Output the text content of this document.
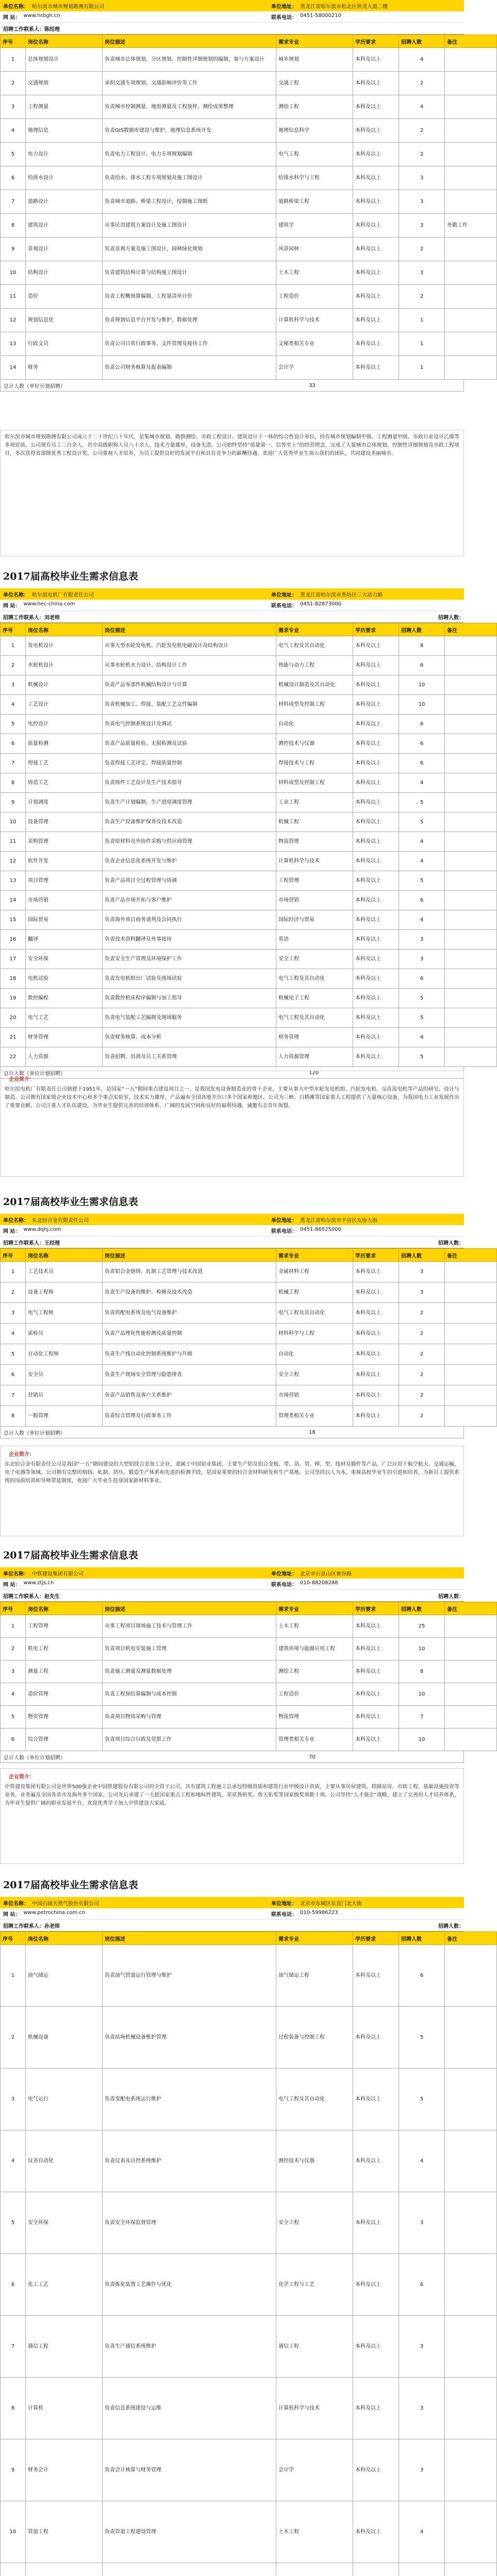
单位名称： 哈尔滨市城市规划勘测有限公司	单位地址： 黑龙江省哈尔滨市松北区世茂大道二楼
网 站： www.hrbgh.cn	联系电话： 0451-58000210
招聘工作联系人： 陈经理
序号	岗位名称	岗位描述	需求专业	学历要求	招聘人数	备注
1	总体规划设计	负责城市总体规划、分区规划、控制性详细规划的编制，参与方案设计	城乡规划	本科及以上	4	
2	交通规划	承担交通专项规划、交通影响评价等工作	交通工程	本科及以上	2	
3	工程测量	负责城市控制测量、地形测量及工程放样，测绘成果整理	测绘工程	本科及以上	4	
4	地理信息	负责GIS数据库建设与维护，地理信息系统开发	地理信息科学	本科及以上	2	
5	电力设计	负责电力工程设计、电力专项规划编制	电气工程	本科及以上	2	
6	给排水设计	负责给水、排水工程专项规划及施工图设计	给排水科学与工程	本科及以上	3	
7	道路设计	负责城市道路、桥梁工程设计，绘制施工图纸	道路桥梁工程	本科及以上	3	
8	建筑设计	从事民用建筑方案设计及施工图设计	建筑学	本科及以上	3	外勤工作
9	景观设计	负责景观方案及施工图设计，园林绿化规划	风景园林	本科及以上	2	
10	结构设计	负责建筑结构计算与结构施工图设计	土木工程	本科及以上	3	
11	造价	负责工程概预算编制、工程量清单计价	工程造价	本科及以上	2	
12	规划信息化	负责规划信息平台开发与维护，数据处理	计算机科学与技术	本科及以上	1	
13	行政文员	负责公司日常行政事务、文件管理及接待工作	文秘类相关专业	本科及以上	1	
14	财务	负责公司财务核算及报表编制	会计学	本科及以上	1	
总计人数（单位计划招聘）	33
哈尔滨市城市规划勘测有限公司成立于二十世纪八十年代，是集城市规划、勘察测绘、市政工程设计、建筑设计于一体的综合性设计单位，持有城乡规划编制甲级、工程测量甲级、市政行业设计乙级等多项资质。公司现有员工三百余人，其中高级职称人员八十余人，技术力量雄厚，设备先进。公司始终坚持“质量第一、信誉至上”的经营理念，完成了大量城市总体规划、控制性详细规划及市政工程项目，多次获得省部级优秀工程设计奖。公司重视人才培养，为员工提供良好的发展平台和具有竞争力的薪酬待遇，欢迎广大优秀毕业生加入我们的团队，共同建设美丽城市。
2017届高校毕业生需求信息表
单位名称： 哈尔滨电机厂有限责任公司	单位地址： 黑龙江省哈尔滨市香坊区三大动力路
网 站： www.hec-china.com	联系电话： 0451-82873000
招聘工作联系人： 刘老师	招聘人数：
序号	岗位名称	岗位描述	需求专业	学历要求	招聘人数	备注
1	发电机设计	从事大型水轮发电机、汽轮发电机电磁设计及结构设计	电气工程及其自动化	本科及以上	8	
2	水轮机设计	从事水轮机水力设计、结构设计工作	热能与动力工程	本科及以上	6	
3	机械设计	负责产品零部件机械结构设计与计算	机械设计制造及其自动化	本科及以上	10	
4	工艺设计	负责机械加工、焊接、装配工艺文件编制	材料成型及控制工程	本科及以上	10	
5	电控设计	负责电气控制系统设计及调试	自动化	本科及以上	6	
6	质量检测	负责产品质量检验、无损检测及试验	测控技术与仪器	本科及以上	6	
7	焊接工艺	负责焊接工艺评定、焊接质量控制	焊接技术与工程	本科及以上	6	
8	铸造工艺	负责铸件工艺设计及生产技术指导	材料成型及控制工程	本科及以上	4	
9	计划调度	负责生产计划编制、生产进度调度管理	工业工程	本科及以上	5	
10	设备管理	负责生产设备维护保养及技术改造	机械工程	本科及以上	5	
11	采购管理	负责原材料及外协件采购与供应商管理	物流管理	本科及以上	4	
12	软件开发	负责企业信息化系统开发与维护	计算机科学与技术	本科及以上	4	
13	项目管理	负责产品项目全过程管理与协调	工程管理	本科及以上	5	
14	市场营销	负责产品市场开拓与客户维护	市场营销	本科及以上	6	
15	国际贸易	负责海外项目商务谈判及合同执行	国际经济与贸易	本科及以上	4	
16	翻译	负责技术资料翻译及外事接待	英语	本科及以上	3	
17	安全环保	负责安全生产管理及环境保护工作	安全工程	本科及以上	3	
18	电机试验	负责发电机组出厂试验及现场试验	电气工程及其自动化	本科及以上	6	
19	数控编程	负责数控机床程序编制与加工指导	机械电子工程	本科及以上	5	
20	电气工艺	负责电气装配工艺编制及现场服务	电气工程及其自动化	本科及以上	5	
21	财务管理	负责财务核算、成本分析	财务管理	本科及以上	4	
22	人力资源	负责招聘、培训及员工关系管理	人力资源管理	本科及以上	5	
总计人数（单位计划招聘）	120
企业简介：
哈尔滨电机厂有限责任公司始建于1951年，是国家“一五”期间重点建设项目之一，是我国发电设备制造业的骨干企业，主要从事大中型水轮发电机组、汽轮发电机、交直流电机等产品的研究、设计与制造。公司拥有国家级企业技术中心和多个重点实验室，技术实力雄厚，产品遍布全国各地并出口多个国家和地区。公司为三峡、白鹤滩等国家重大工程提供了大量核心设备，为我国电力工业发展作出了重要贡献。公司注重人才队伍建设，为毕业生提供完善的培训体系、广阔的发展空间和良好的福利待遇，诚邀有志青年加盟。
2017届高校毕业生需求信息表
单位名称： 东北轻合金有限责任公司	单位地址： 黑龙江省哈尔滨市平房区友协大街
网 站： www.dqhj.com	联系电话： 0451-86525000
招聘工作联系人： 王经理	招聘人数：
序号	岗位名称	岗位描述	需求专业	学历要求	招聘人数	备注
1	工艺技术员	负责铝合金熔铸、轧制工艺管理与技术改进	金属材料工程	本科及以上	3	
2	设备工程师	负责生产设备的维护、检修及技术改造	机械工程	本科及以上	3	
3	电气工程师	负责供配电系统及电气设备维护	电气工程及其自动化	本科及以上	2	
4	质检员	负责产品理化性能检测及质量控制	材料科学与工程	本科及以上	2	
5	自动化工程师	负责生产线自动化控制系统维护与升级	自动化	本科及以上	2	
6	安全员	负责生产现场安全管理与隐患排查	安全工程	本科及以上	2	
7	营销员	负责产品销售及客户关系维护	市场营销	本科及以上	2	
8	一般管理	负责综合管理及行政事务工作	管理类相关专业	本科及以上	2	
总计人数（单位计划招聘）	18
企业简介：
东北轻合金有限责任公司是我国“一五”期间建设的大型铝镁合金加工企业，隶属于中国铝业集团，主要生产铝及铝合金板、带、箔、管、棒、型、线材及锻件等产品，广泛应用于航空航天、交通运输、电子电器等领域。公司拥有完整的熔铸、轧制、挤压、锻造生产体系和先进的检测手段，是国家重要的轻合金材料研发和生产基地。公司坚持以人为本，重视高校毕业生的引进和培养，为新员工提供系统的岗前培训和导师带徒制度，欢迎广大毕业生投身国家新材料事业。
2017届高校毕业生需求信息表
单位名称： 中铁建设集团有限公司	单位地址： 北京市石景山区鲁谷路
网 站： www.ztjs.cn	联系电话： 010-88208288
招聘工作联系人： 赵先生	招聘人数：
序号	岗位名称	岗位描述	需求专业	学历要求	招聘人数	备注
1	工程管理	从事工程项目现场施工技术与管理工作	土木工程	本科及以上	25	
2	机电工程	负责项目机电安装施工管理	建筑环境与能源应用工程	本科及以上	10	
3	测量工程	负责施工测量及测量数据处理	测绘工程	本科及以上	8	
4	造价管理	负责工程预结算编制与成本控制	工程造价	本科及以上	10	
5	物资管理	负责项目物资采购与管理	物流管理	本科及以上	7	
6	综合管理	负责项目综合行政及党群工作	管理类相关专业	本科及以上	10	
总计人数（单位计划招聘）	70
企业简介：
中铁建设集团有限公司是世界500强企业中国铁建股份有限公司的全资子公司，具有建筑工程施工总承包特级资质和建筑行业甲级设计资质，主要从事房屋建筑、铁路站房、市政工程、基础设施投资等业务，业务遍及全国各省市及海外多个国家。公司先后承建了一大批国家重点工程和地标性建筑，荣获鲁班奖、詹天佑奖等国家级奖项数十项。公司坚持“人才强企”战略，建立了完善的人才培养体系，为毕业生提供广阔的职业发展平台，欢迎优秀学子加入中铁建设大家庭。
2017届高校毕业生需求信息表
单位名称： 中国石油天然气股份有限公司	单位地址： 北京市东城区东直门北大街
网 站： www.petrochina.com.cn	联系电话： 010-59986223
招聘工作联系人： 孙老师	招聘人数：
序号	岗位名称	岗位描述	需求专业	学历要求	招聘人数	备注
1	油气储运	负责油气管道运行管理与维护	油气储运工程	本科及以上	6	
2	机械设备	负责站场机械设备维护管理	过程装备与控制工程	本科及以上	5	
3	电气运行	负责变配电系统运行维护	电气工程及其自动化	本科及以上	5	
4	仪表自动化	负责仪表及自控系统维护	测控技术与仪器	本科及以上	4	
5	安全环保	负责安全环保监督管理	安全工程	本科及以上	3	
6	化工工艺	负责炼化装置工艺操作与优化	化学工程与工艺	本科及以上	6	
7	通信工程	负责生产通信系统维护	通信工程	本科及以上	3	
8	计算机	负责信息系统建设与运维	计算机科学与技术	本科及以上	3	
9	财务会计	负责会计核算与财务管理	会计学	本科及以上	3	
10	管道工程	负责管道工程建设管理	土木工程	本科及以上	4	
